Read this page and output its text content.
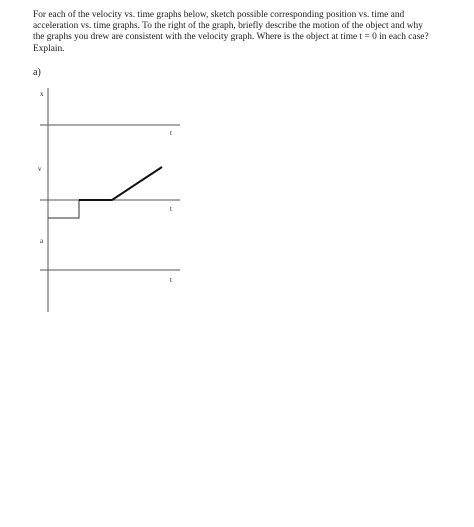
For each of the velocity vs. time graphs below, sketch possible corresponding position vs. time and
acceleration vs. time graphs. To the right of the graph, briefly describe the motion of the object and why
the graphs you drew are consistent with the velocity graph. Where is the object at time t = 0 in each case?
Explain.
a)
x
t
v
t
a
t
